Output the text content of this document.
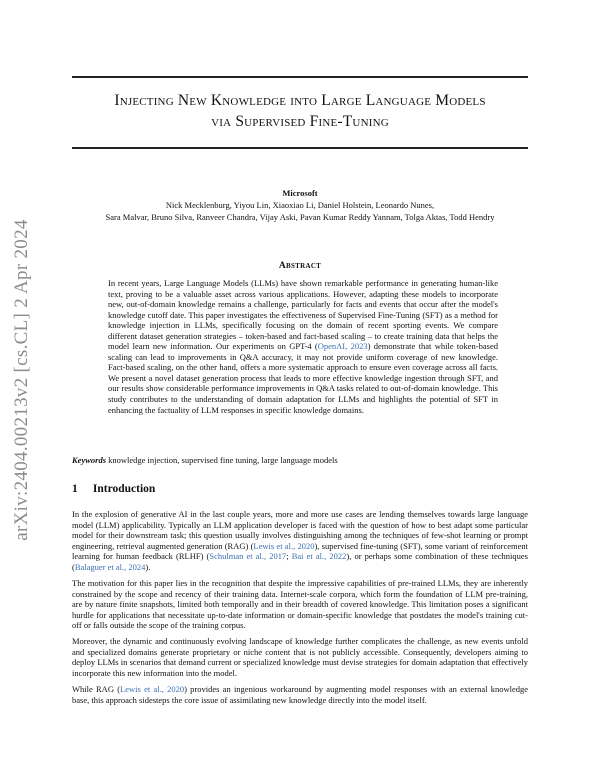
arXiv:2404.00213v2 [cs.CL] 2 Apr 2024
Injecting New Knowledge into Large Language Models
via Supervised Fine-Tuning
Microsoft
Nick Mecklenburg, Yiyou Lin, Xiaoxiao Li, Daniel Holstein, Leonardo Nunes,
Sara Malvar, Bruno Silva, Ranveer Chandra, Vijay Aski, Pavan Kumar Reddy Yannam, Tolga Aktas, Todd Hendry
Abstract
In recent years, Large Language Models (LLMs) have shown remarkable performance in generating human-like text, proving to be a valuable asset across various applications. However, adapting these models to incorporate new, out-of-domain knowledge remains a challenge, particularly for facts and events that occur after the model's knowledge cutoff date. This paper investigates the effectiveness of Supervised Fine-Tuning (SFT) as a method for knowledge injection in LLMs, specifically focusing on the domain of recent sporting events. We compare different dataset generation strategies – token-based and fact-based scaling – to create training data that helps the model learn new information. Our experiments on GPT-4 (OpenAI, 2023) demonstrate that while token-based scaling can lead to improvements in Q&A accuracy, it may not provide uniform coverage of new knowledge. Fact-based scaling, on the other hand, offers a more systematic approach to ensure even coverage across all facts. We present a novel dataset generation process that leads to more effective knowledge ingestion through SFT, and our results show considerable performance improvements in Q&A tasks related to out-of-domain knowledge. This study contributes to the understanding of domain adaptation for LLMs and highlights the potential of SFT in enhancing the factuality of LLM responses in specific knowledge domains.
Keywords knowledge injection, supervised fine tuning, large language models
1 Introduction
In the explosion of generative AI in the last couple years, more and more use cases are lending themselves towards large language model (LLM) applicability. Typically an LLM application developer is faced with the question of how to best adapt some particular model for their downstream task; this question usually involves distinguishing among the techniques of few-shot learning or prompt engineering, retrieval augmented generation (RAG) (Lewis et al., 2020), supervised fine-tuning (SFT), some variant of reinforcement learning for human feedback (RLHF) (Schulman et al., 2017; Bai et al., 2022), or perhaps some combination of these techniques (Balaguer et al., 2024).
The motivation for this paper lies in the recognition that despite the impressive capabilities of pre-trained LLMs, they are inherently constrained by the scope and recency of their training data. Internet-scale corpora, which form the foundation of LLM pre-training, are by nature finite snapshots, limited both temporally and in their breadth of covered knowledge. This limitation poses a significant hurdle for applications that necessitate up-to-date information or domain-specific knowledge that postdates the model's training cut-off or falls outside the scope of the training corpus.
Moreover, the dynamic and continuously evolving landscape of knowledge further complicates the challenge, as new events unfold and specialized domains generate proprietary or niche content that is not publicly accessible. Consequently, developers aiming to deploy LLMs in scenarios that demand current or specialized knowledge must devise strategies for domain adaptation that effectively incorporate this new information into the model.
While RAG (Lewis et al., 2020) provides an ingenious workaround by augmenting model responses with an external knowledge base, this approach sidesteps the core issue of assimilating new knowledge directly into the model itself.
